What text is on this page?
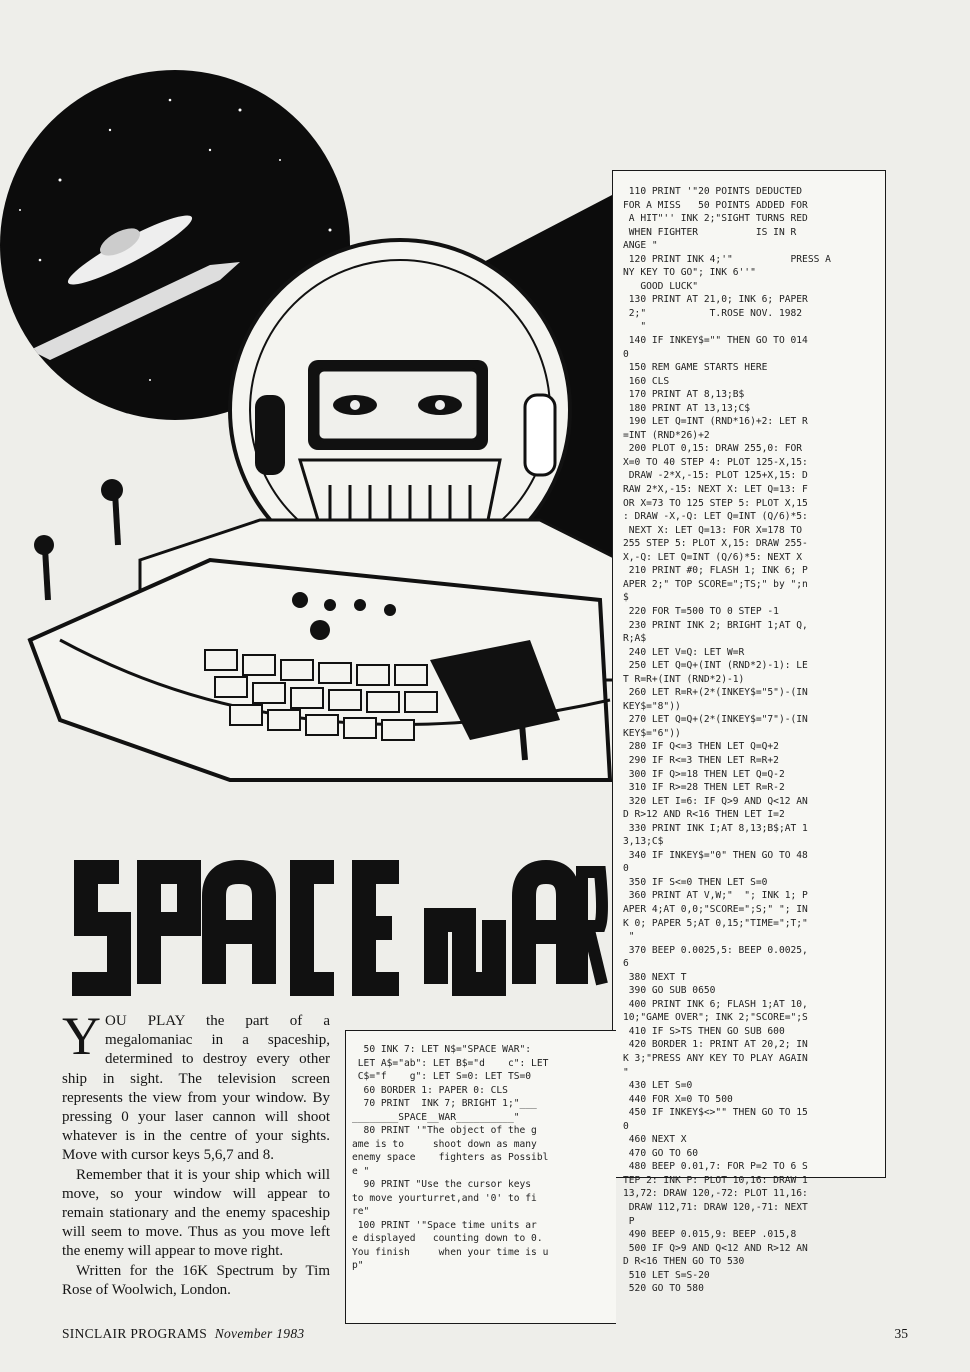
110 PRINT '"20 POINTS DEDUCTED
FOR A MISS   50 POINTS ADDED FOR
A HIT"'' INK 2;"SIGHT TURNS RED
WHEN FIGHTER          IS IN R
ANGE "
120 PRINT INK 4;'"          PRESS A
NY KEY TO GO"; INK 6''"
GOOD LUCK"
130 PRINT AT 21,0; INK 6; PAPER
2;"           T.ROSE NOV. 1982
"
140 IF INKEY$="" THEN GO TO 014
0
150 REM GAME STARTS HERE
160 CLS
170 PRINT AT 8,13;B$
180 PRINT AT 13,13;C$
190 LET Q=INT (RND*16)+2: LET R
=INT (RND*26)+2
200 PLOT 0,15: DRAW 255,0: FOR
X=0 TO 40 STEP 4: PLOT 125-X,15:
DRAW -2*X,-15: PLOT 125+X,15: D
RAW 2*X,-15: NEXT X: LET Q=13: F
OR X=73 TO 125 STEP 5: PLOT X,15
: DRAW -X,-Q: LET Q=INT (Q/6)*5:
NEXT X: LET Q=13: FOR X=178 TO
255 STEP 5: PLOT X,15: DRAW 255-
X,-Q: LET Q=INT (Q/6)*5: NEXT X
210 PRINT #0; FLASH 1; INK 6; P
APER 2;" TOP SCORE=";TS;" by ";n
$
220 FOR T=500 TO 0 STEP -1
230 PRINT INK 2; BRIGHT 1;AT Q,
R;A$
240 LET V=Q: LET W=R
250 LET Q=Q+(INT (RND*2)-1): LE
T R=R+(INT (RND*2)-1)
260 LET R=R+(2*(INKEY$="5")-(IN
KEY$="8"))
270 LET Q=Q+(2*(INKEY$="7")-(IN
KEY$="6"))
280 IF Q<=3 THEN LET Q=Q+2
290 IF R<=3 THEN LET R=R+2
300 IF Q>=18 THEN LET Q=Q-2
310 IF R>=28 THEN LET R=R-2
320 LET I=6: IF Q>9 AND Q<12 AN
D R>12 AND R<16 THEN LET I=2
330 PRINT INK I;AT 8,13;B$;AT 1
3,13;C$
340 IF INKEY$="0" THEN GO TO 48
0
350 IF S<=0 THEN LET S=0
360 PRINT AT V,W;"  "; INK 1; P
APER 4;AT 0,0;"SCORE=";S;" "; IN
K 0; PAPER 5;AT 0,15;"TIME=";T;"
"
370 BEEP 0.0025,5: BEEP 0.0025,
6
380 NEXT T
390 GO SUB 0650
400 PRINT INK 6; FLASH 1;AT 10,
10;"GAME OVER"; INK 2;"SCORE=";S
410 IF S>TS THEN GO SUB 600
420 BORDER 1: PRINT AT 20,2; IN
K 3;"PRESS ANY KEY TO PLAY AGAIN
"
430 LET S=0
440 FOR X=0 TO 500
450 IF INKEY$<>"" THEN GO TO 15
0
460 NEXT X
470 GO TO 60
480 BEEP 0.01,7: FOR P=2 TO 6 S
TEP 2: INK P: PLOT 10,16: DRAW 1
13,72: DRAW 120,-72: PLOT 11,16:
DRAW 112,71: DRAW 120,-71: NEXT
P
490 BEEP 0.015,9: BEEP .015,8
500 IF Q>9 AND Q<12 AND R>12 AN
D R<16 THEN GO TO 530
510 LET S=S-20
520 GO TO 580
SPACE WAR

YOU PLAY the part of a megalomaniac in a spaceship, determined to destroy every other ship in sight. The television screen represents the view from your window. By pressing 0 your laser cannon will shoot whatever is in the centre of your sights. Move with cursor keys 5,6,7 and 8.

Remember that it is your ship which will move, so your window will appear to remain stationary and the enemy spaceship will seem to move. Thus as you move left the enemy will appear to move right.

Written for the 16K Spectrum by Tim Rose of Woolwich, London.

50 INK 7: LET N$="SPACE WAR":
LET A$="ab": LET B$="d    c": LET
C$="f    g": LET S=0: LET TS=0
60 BORDER 1: PAPER 0: CLS
70 PRINT  INK 7; BRIGHT 1;"___
________SPACE__WAR__________"
80 PRINT '"The object of the g
ame is to     shoot down as many
enemy space    fighters as Possibl
e "
90 PRINT "Use the cursor keys
to move yourturret,and '0' to fi
re"
100 PRINT '"Space time units ar
e displayed   counting down to 0.
You finish     when your time is u
p"
SINCLAIR PROGRAMS November 1983	35
